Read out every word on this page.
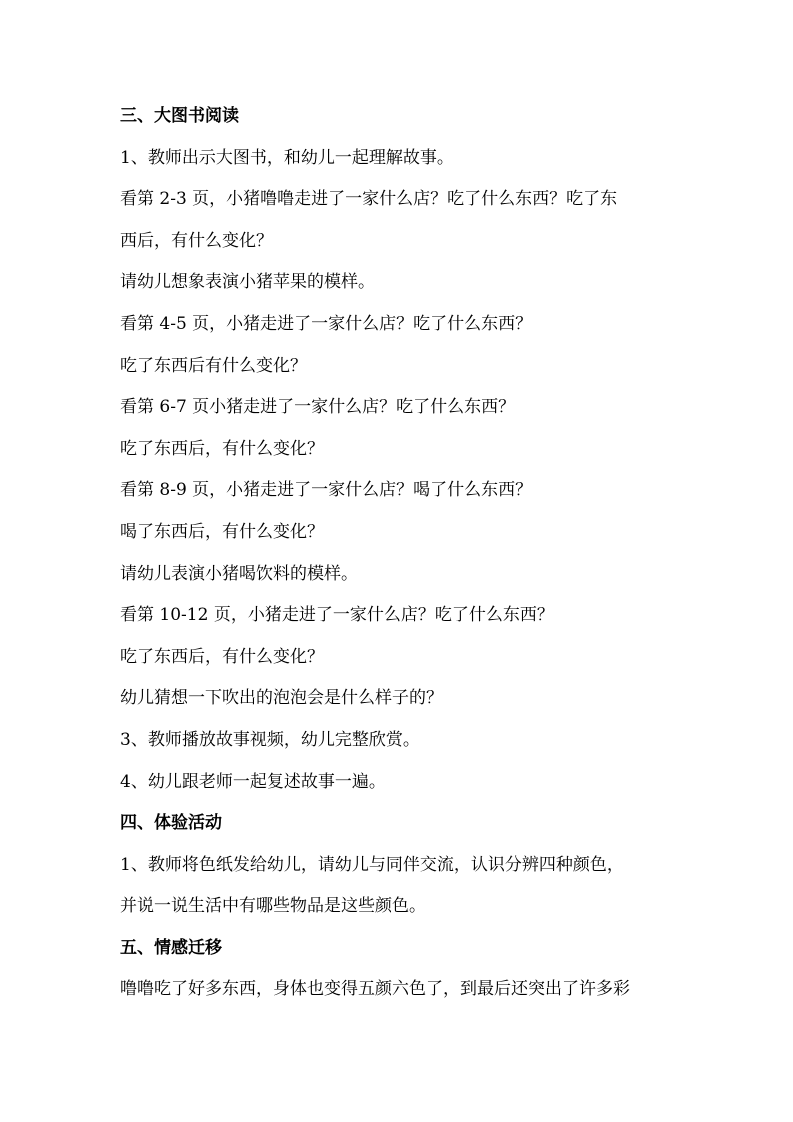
三、大图书阅读
1、教师出示大图书，和幼儿一起理解故事。
看第 2-3 页，小猪噜噜走进了一家什么店？吃了什么东西？吃了东
西后，有什么变化？
请幼儿想象表演小猪苹果的模样。
看第 4-5 页，小猪走进了一家什么店？吃了什么东西？
吃了东西后有什么变化？
看第 6-7 页小猪走进了一家什么店？吃了什么东西？
吃了东西后，有什么变化？
看第 8-9 页，小猪走进了一家什么店？喝了什么东西？
喝了东西后，有什么变化？
请幼儿表演小猪喝饮料的模样。
看第 10-12 页，小猪走进了一家什么店？吃了什么东西？
吃了东西后，有什么变化？
幼儿猜想一下吹出的泡泡会是什么样子的？
3、教师播放故事视频，幼儿完整欣赏。
4、幼儿跟老师一起复述故事一遍。
四、体验活动
1、教师将色纸发给幼儿，请幼儿与同伴交流，认识分辨四种颜色，
并说一说生活中有哪些物品是这些颜色。
五、情感迁移
噜噜吃了好多东西，身体也变得五颜六色了，到最后还突出了许多彩
